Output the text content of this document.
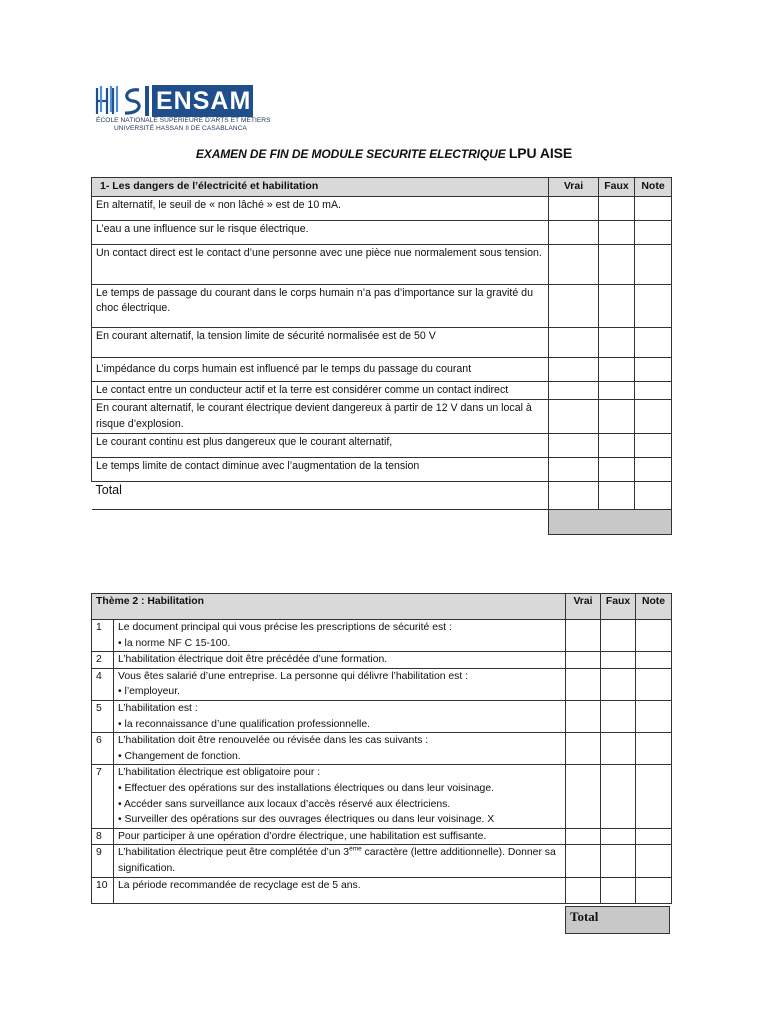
ENSAM
ÉCOLE NATIONALE SUPÉRIEURE D'ARTS ET MÉTIERS
UNIVERSITÉ HASSAN II DE CASABLANCA
EXAMEN DE FIN DE MODULE SECURITE ELECTRIQUE LPU AISE
1- Les dangers de l’électricité et habilitation	Vrai	Faux	Note
En alternatif, le seuil de « non lâché » est de 10 mA.			
L’eau a une influence sur le risque électrique.			
Un contact direct est le contact d’une personne avec une pièce nue normalement sous tension.			
Le temps de passage du courant dans le corps humain n’a pas d’importance sur la gravité du choc électrique.			
En courant alternatif, la tension limite de sécurité normalisée est de 50 V			
L’impédance du corps humain est influencé par le temps du passage du courant			
Le contact entre un conducteur actif et la terre est considérer comme un contact indirect			
En courant alternatif, le courant électrique devient dangereux à partir de 12 V dans un local à risque d’explosion.			
Le courant continu est plus dangereux que le courant alternatif,			
Le temps limite de contact diminue avec l’augmentation de la tension			
Total			

Thème 2 : Habilitation		Vrai	Faux	Note
1	Le document principal qui vous précise les prescriptions de sécurité est :
• la norme NF C 15-100.			

2	L’habilitation électrique doit être précédée d’une formation.			
4	Vous êtes salarié d’une entreprise. La personne qui délivre l’habilitation est :
• l’employeur.			

5	L’habilitation est :
• la reconnaissance d’une qualification professionnelle.			

6	L’habilitation doit être renouvelée ou révisée dans les cas suivants :
• Changement de fonction.			

7	L’habilitation électrique est obligatoire pour :
• Effectuer des opérations sur des installations électriques ou dans leur voisinage.
• Accéder sans surveillance aux locaux d’accès réservé aux électriciens.
• Surveiller des opérations sur des ouvrages électriques ou dans leur voisinage. X			

8	Pour participer à une opération d’ordre électrique, une habilitation est suffisante.			
9	L’habilitation électrique peut être complétée d’un 3ème caractère (lettre additionnelle). Donner sa signification.			
10	La période recommandée de recyclage est de 5 ans.			
Total
